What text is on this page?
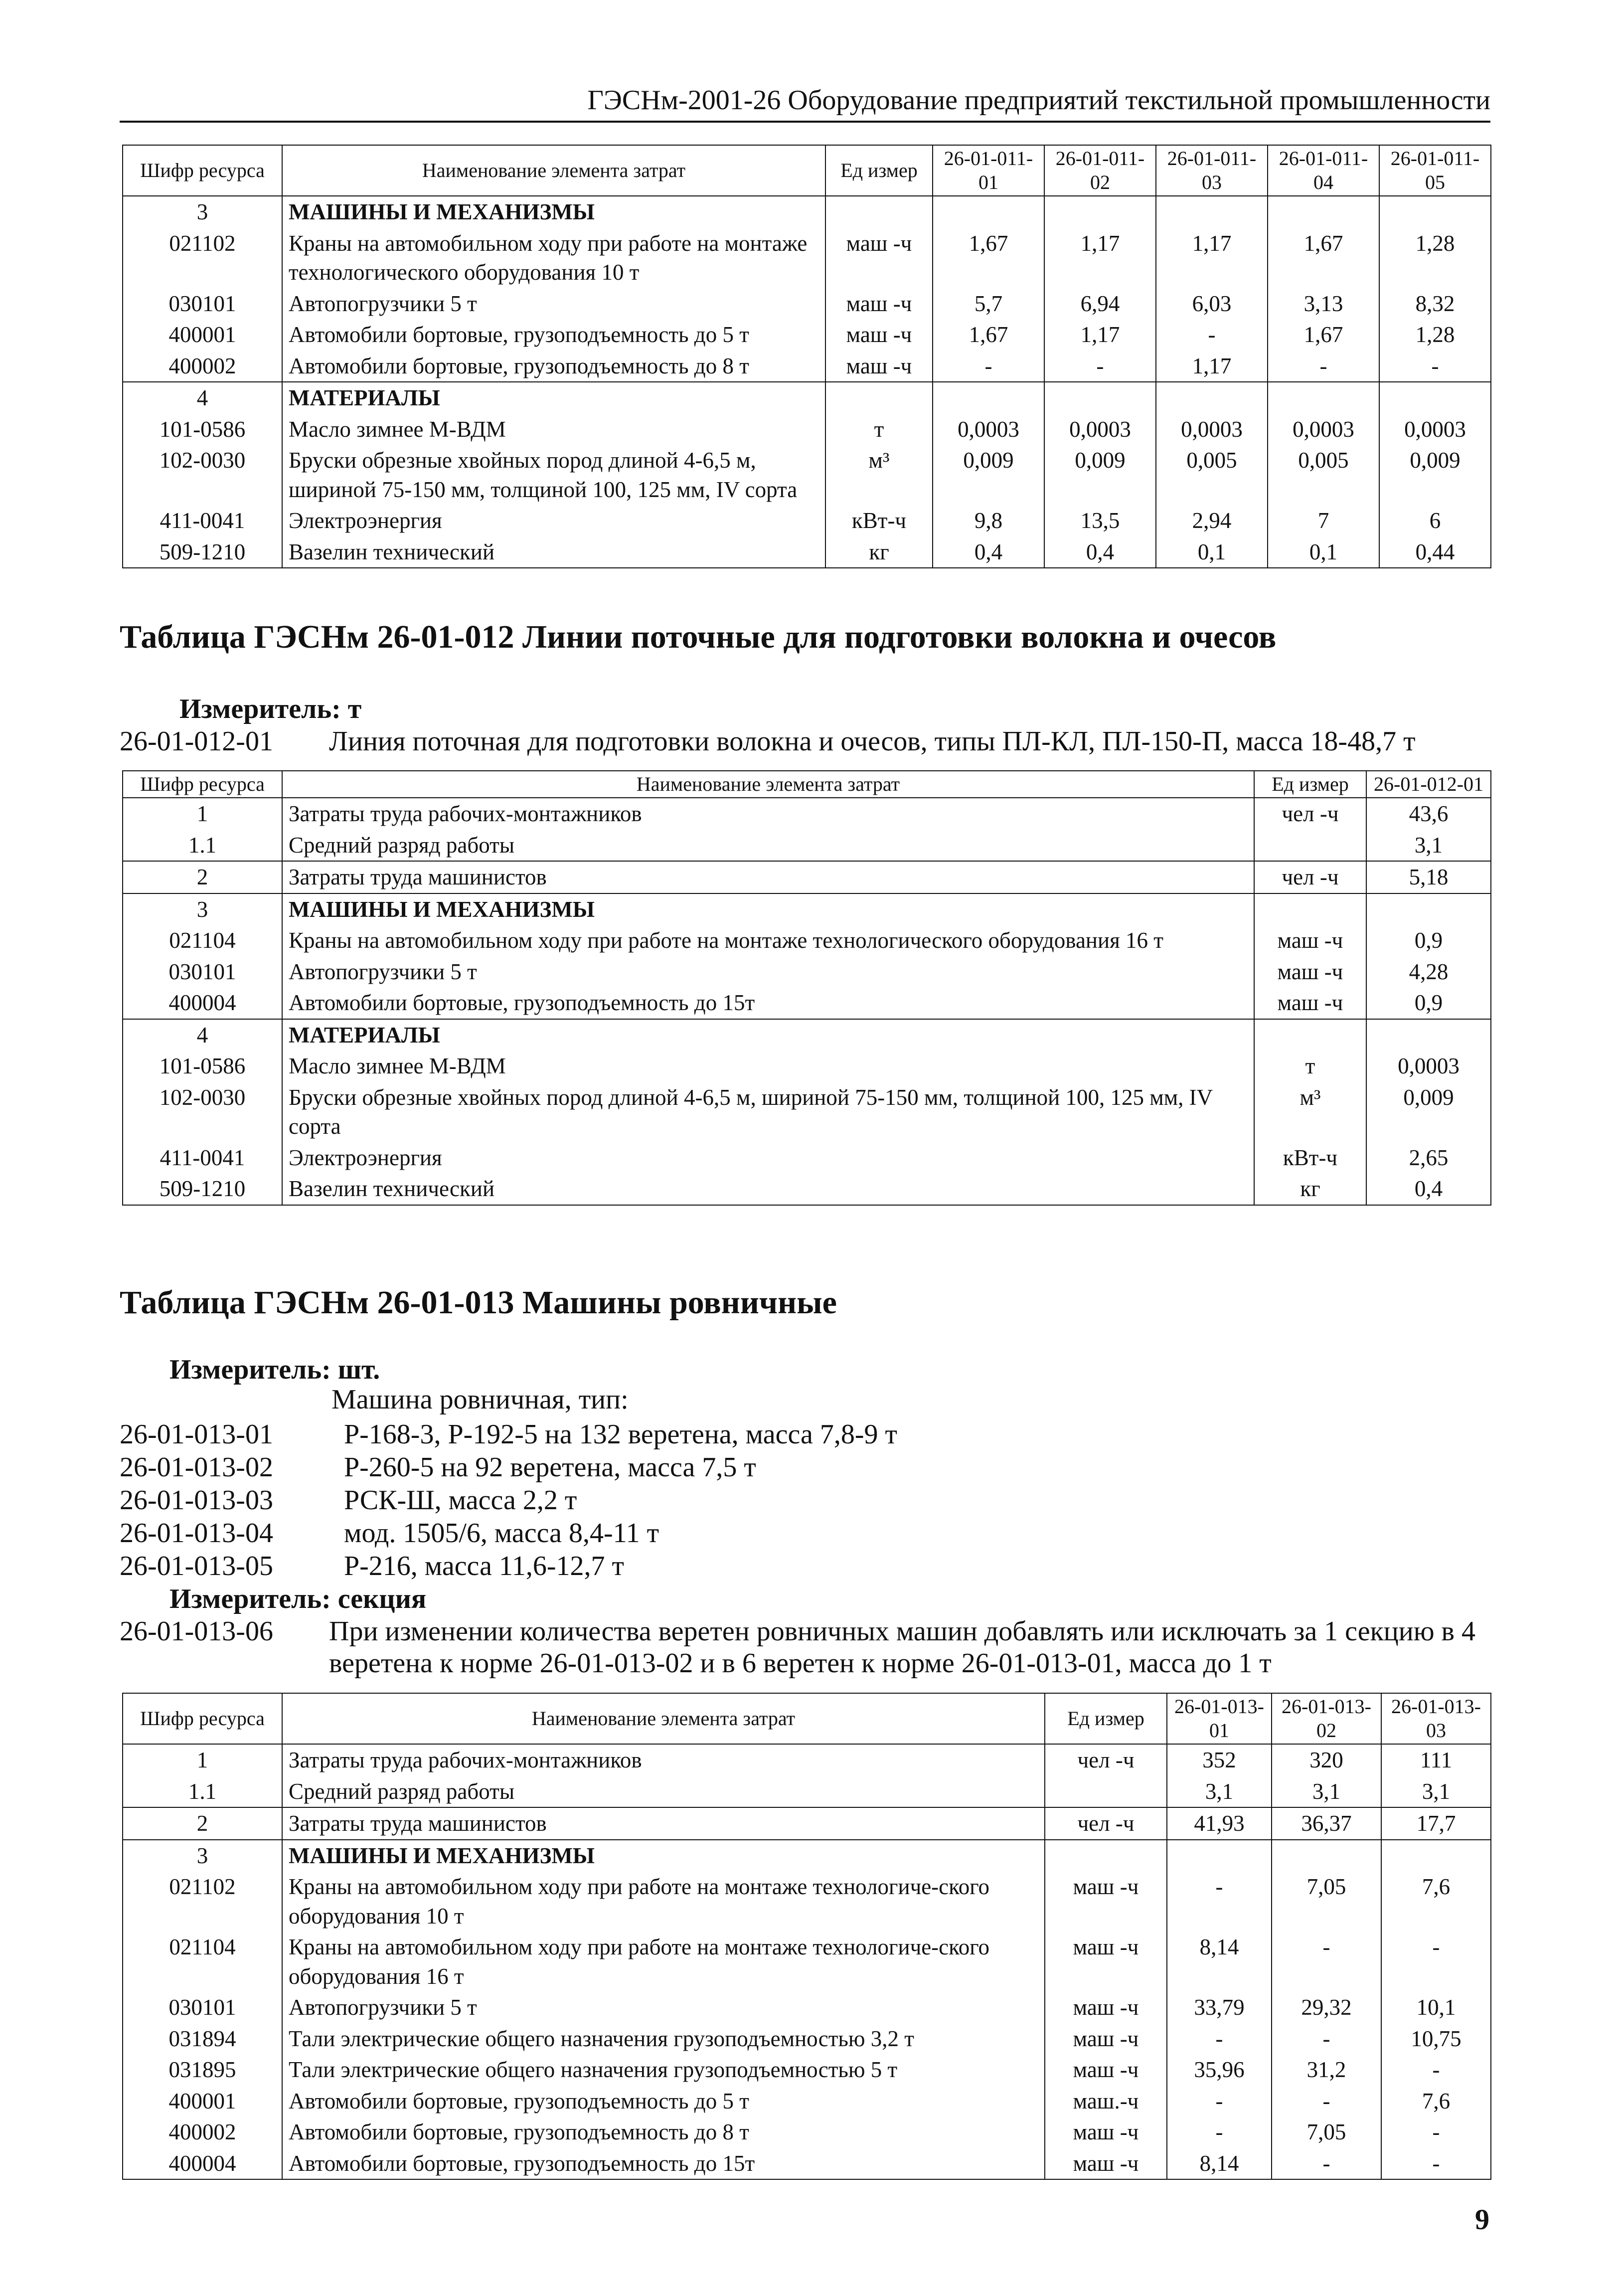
ГЭСНм-2001-26 Оборудование предприятий текстильной промышленности
Шифр ресурса	Наименование элемента затрат	Ед измер	26-01-011-01	26-01-011-02	26-01-011-03	26-01-011-04	26-01-011-05
3	МАШИНЫ И МЕХАНИЗМЫ						
021102	Краны на автомобильном ходу при работе на монтаже технологического оборудования 10 т	маш -ч	1,67	1,17	1,17	1,67	1,28
030101	Автопогрузчики 5 т	маш -ч	5,7	6,94	6,03	3,13	8,32
400001	Автомобили бортовые, грузоподъемность до 5 т	маш -ч	1,67	1,17	-	1,67	1,28
400002	Автомобили бортовые, грузоподъемность до 8 т	маш -ч	-	-	1,17	-	-
4	МАТЕРИАЛЫ						
101-0586	Масло зимнее М-ВДМ	т	0,0003	0,0003	0,0003	0,0003	0,0003
102-0030	Бруски обрезные хвойных пород длиной 4-6,5 м, шириной 75-150 мм, толщиной 100, 125 мм, IV сорта	м³	0,009	0,009	0,005	0,005	0,009
411-0041	Электроэнергия	кВт-ч	9,8	13,5	2,94	7	6
509-1210	Вазелин технический	кг	0,4	0,4	0,1	0,1	0,44
Таблица ГЭСНм 26-01-012 Линии поточные для подготовки волокна и очесов
Измеритель: т
26-01-012-01 Линия поточная для подготовки волокна и очесов, типы ПЛ-КЛ, ПЛ-150-П, масса 18-48,7 т
Шифр ресурса	Наименование элемента затрат	Ед измер	26-01-012-01
1	Затраты труда рабочих-монтажников	чел -ч	43,6
1.1	Средний разряд работы		3,1
2	Затраты труда машинистов	чел -ч	5,18
3	МАШИНЫ И МЕХАНИЗМЫ		
021104	Краны на автомобильном ходу при работе на монтаже технологического оборудования 16 т	маш -ч	0,9
030101	Автопогрузчики 5 т	маш -ч	4,28
400004	Автомобили бортовые, грузоподъемность до 15т	маш -ч	0,9
4	МАТЕРИАЛЫ		
101-0586	Масло зимнее М-ВДМ	т	0,0003
102-0030	Бруски обрезные хвойных пород длиной 4-6,5 м, шириной 75-150 мм, толщиной 100, 125 мм, IV сорта	м³	0,009
411-0041	Электроэнергия	кВт-ч	2,65
509-1210	Вазелин технический	кг	0,4
Таблица ГЭСНм 26-01-013 Машины ровничные
Измеритель: шт.
Машина ровничная, тип:
26-01-013-01	Р-168-3, Р-192-5 на 132 веретена, масса 7,8-9 т
26-01-013-02	Р-260-5 на 92 веретена, масса 7,5 т
26-01-013-03	РСК-Ш, масса 2,2 т
26-01-013-04	мод. 1505/6, масса 8,4-11 т
26-01-013-05	Р-216, масса 11,6-12,7 т
Измеритель: секция
26-01-013-06 При изменении количества веретен ровничных машин добавлять или исключать за 1 секцию в 4 веретена к норме 26-01-013-02 и в 6 веретен к норме 26-01-013-01, масса до 1 т
Шифр ресурса	Наименование элемента затрат	Ед измер	26-01-013-01	26-01-013-02	26-01-013-03
1	Затраты труда рабочих-монтажников	чел -ч	352	320	111
1.1	Средний разряд работы		3,1	3,1	3,1
2	Затраты труда машинистов	чел -ч	41,93	36,37	17,7
3	МАШИНЫ И МЕХАНИЗМЫ				
021102	Краны на автомобильном ходу при работе на монтаже технологиче-ского оборудования 10 т	маш -ч	-	7,05	7,6
021104	Краны на автомобильном ходу при работе на монтаже технологиче-ского оборудования 16 т	маш -ч	8,14	-	-
030101	Автопогрузчики 5 т	маш -ч	33,79	29,32	10,1
031894	Тали электрические общего назначения грузоподъемностью 3,2 т	маш -ч	-	-	10,75
031895	Тали электрические общего назначения грузоподъемностью 5 т	маш -ч	35,96	31,2	-
400001	Автомобили бортовые, грузоподъемность до 5 т	маш.-ч	-	-	7,6
400002	Автомобили бортовые, грузоподъемность до 8 т	маш -ч	-	7,05	-
400004	Автомобили бортовые, грузоподъемность до 15т	маш -ч	8,14	-	-
9
